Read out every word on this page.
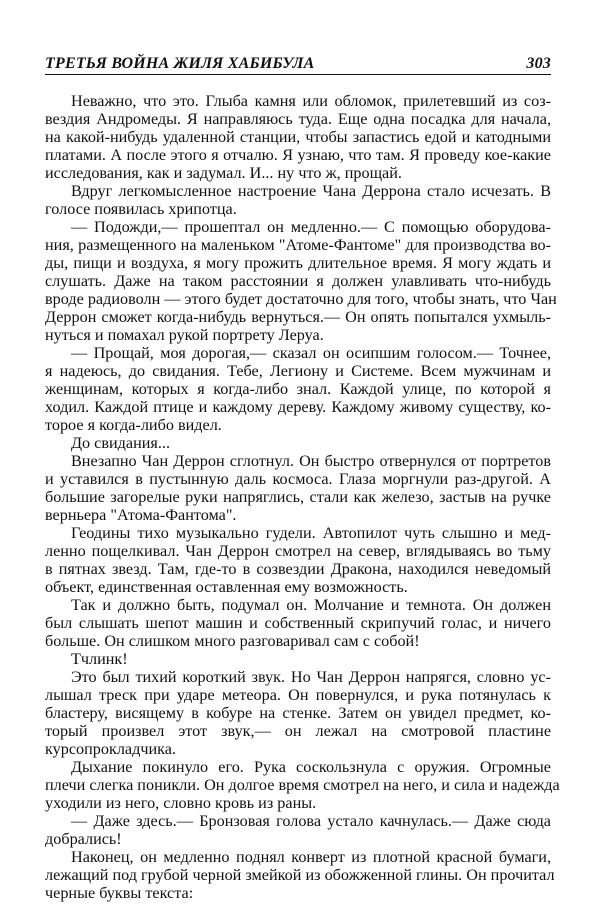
ТРЕТЬЯ ВОЙНА ЖИЛЯ ХАБИБУЛА	303
Неважно, что это. Глыба камня или обломок, прилетевший из соз-
вездия Андромеды. Я направляюсь туда. Еще одна посадка для начала,
на какой-нибудь удаленной станции, чтобы запастись едой и катодными
платами. А после этого я отчалю. Я узнаю, что там. Я проведу кое-какие
исследования, как и задумал. И... ну что ж, прощай.
Вдруг легкомысленное настроение Чана Деррона стало исчезать. В
голосе появилась хрипотца.
— Подожди,— прошептал он медленно.— С помощью оборудова-
ния, размещенного на маленьком "Атоме-Фантоме" для производства во-
ды, пищи и воздуха, я могу прожить длительное время. Я могу ждать и
слушать. Даже на таком расстоянии я должен улавливать что-нибудь
вроде радиоволн — этого будет достаточно для того, чтобы знать, что Чан
Деррон сможет когда-нибудь вернуться.— Он опять попытался ухмыль-
нуться и помахал рукой портрету Леруа.
— Прощай, моя дорогая,— сказал он осипшим голосом.— Точнее,
я надеюсь, до свидания. Тебе, Легиону и Системе. Всем мужчинам и
женщинам, которых я когда-либо знал. Каждой улице, по которой я
ходил. Каждой птице и каждому дереву. Каждому живому существу, ко-
торое я когда-либо видел.
До свидания...
Внезапно Чан Деррон сглотнул. Он быстро отвернулся от портретов
и уставился в пустынную даль космоса. Глаза моргнули раз-другой. А
большие загорелые руки напряглись, стали как железо, застыв на ручке
верньера "Атома-Фантома".
Геодины тихо музыкально гудели. Автопилот чуть слышно и мед-
ленно пощелкивал. Чан Деррон смотрел на север, вглядываясь во тьму
в пятнах звезд. Там, где-то в созвездии Дракона, находился неведомый
объект, единственная оставленная ему возможность.
Так и должно быть, подумал он. Молчание и темнота. Он должен
был слышать шепот машин и собственный скрипучий голас, и ничего
больше. Он слишком много разговаривал сам с собой!
Тчлинк!
Это был тихий короткий звук. Но Чан Деррон напрягся, словно ус-
лышал треск при ударе метеора. Он повернулся, и рука потянулась к
бластеру, висящему в кобуре на стенке. Затем он увидел предмет, ко-
торый произвел этот звук,— он лежал на смотровой пластине
курсопрокладчика.
Дыхание покинуло его. Рука соскользнула с оружия. Огромные
плечи слегка поникли. Он долгое время смотрел на него, и сила и надежда
уходили из него, словно кровь из раны.
— Даже здесь.— Бронзовая голова устало качнулась.— Даже сюда
добрались!
Наконец, он медленно поднял конверт из плотной красной бумаги,
лежащий под грубой черной змейкой из обожженной глины. Он прочитал
черные буквы текста:
